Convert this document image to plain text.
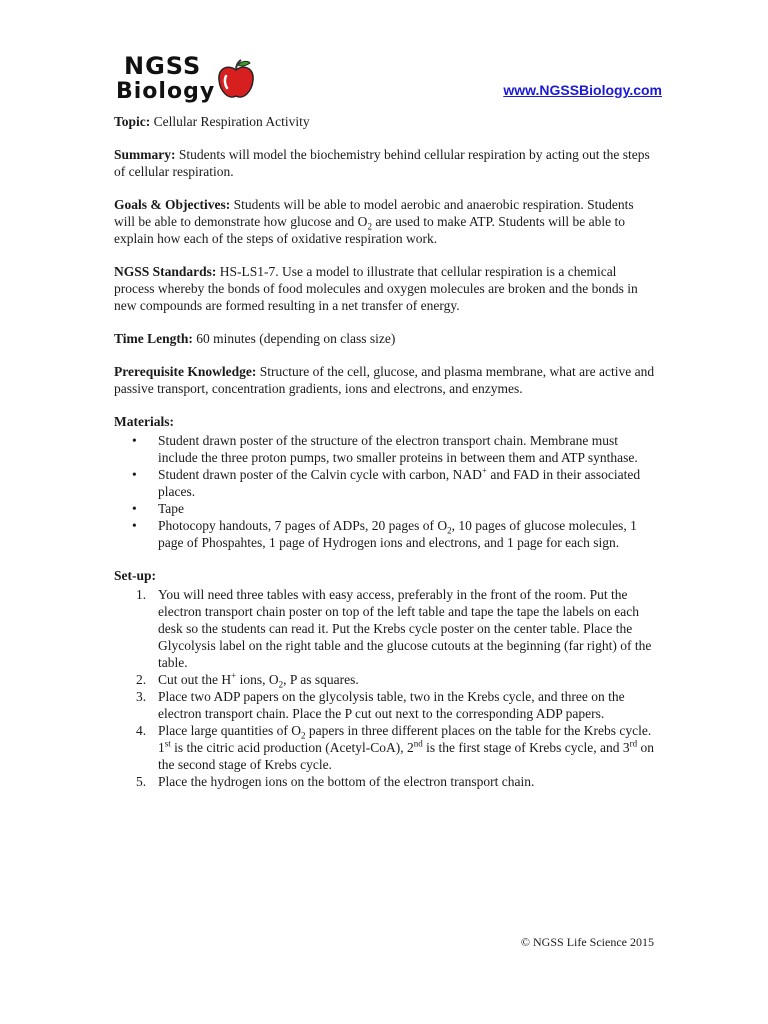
NGSS
Biology	www.NGSSBiology.com

Topic: Cellular Respiration Activity

Summary: Students will model the biochemistry behind cellular respiration by acting out the steps of cellular respiration.

Goals & Objectives: Students will be able to model aerobic and anaerobic respiration. Students will be able to demonstrate how glucose and $O_2$ are used to make ATP. Students will be able to explain how each of the steps of oxidative respiration work.

NGSS Standards: HS-LS1-7. Use a model to illustrate that cellular respiration is a chemical process whereby the bonds of food molecules and oxygen molecules are broken and the bonds in new compounds are formed resulting in a net transfer of energy.

Time Length: 60 minutes (depending on class size)

Prerequisite Knowledge: Structure of the cell, glucose, and plasma membrane, what are active and passive transport, concentration gradients, ions and electrons, and enzymes.

Materials:
• Student drawn poster of the structure of the electron transport chain. Membrane must include the three proton pumps, two smaller proteins in between them and ATP synthase.
• Student drawn poster of the Calvin cycle with carbon, NAD+ and FAD in their associated places.
• Tape
• Photocopy handouts, 7 pages of ADPs, 20 pages of $O_2$, 10 pages of glucose molecules, 1 page of Phospahtes, 1 page of Hydrogen ions and electrons, and 1 page for each sign.
Set-up:
1. You will need three tables with easy access, preferably in the front of the room. Put the electron transport chain poster on top of the left table and tape the tape the labels on each desk so the students can read it. Put the Krebs cycle poster on the center table. Place the Glycolysis label on the right table and the glucose cutouts at the beginning (far right) of the table.
2. Cut out the H+ ions, $O_2$, P as squares.
3. Place two ADP papers on the glycolysis table, two in the Krebs cycle, and three on the electron transport chain. Place the P cut out next to the corresponding ADP papers.
4. Place large quantities of $O_2$ papers in three different places on the table for the Krebs cycle. 1st is the citric acid production (Acetyl-CoA), 2nd is the first stage of Krebs cycle, and 3rd on the second stage of Krebs cycle.
5. Place the hydrogen ions on the bottom of the electron transport chain.
© NGSS Life Science 2015
